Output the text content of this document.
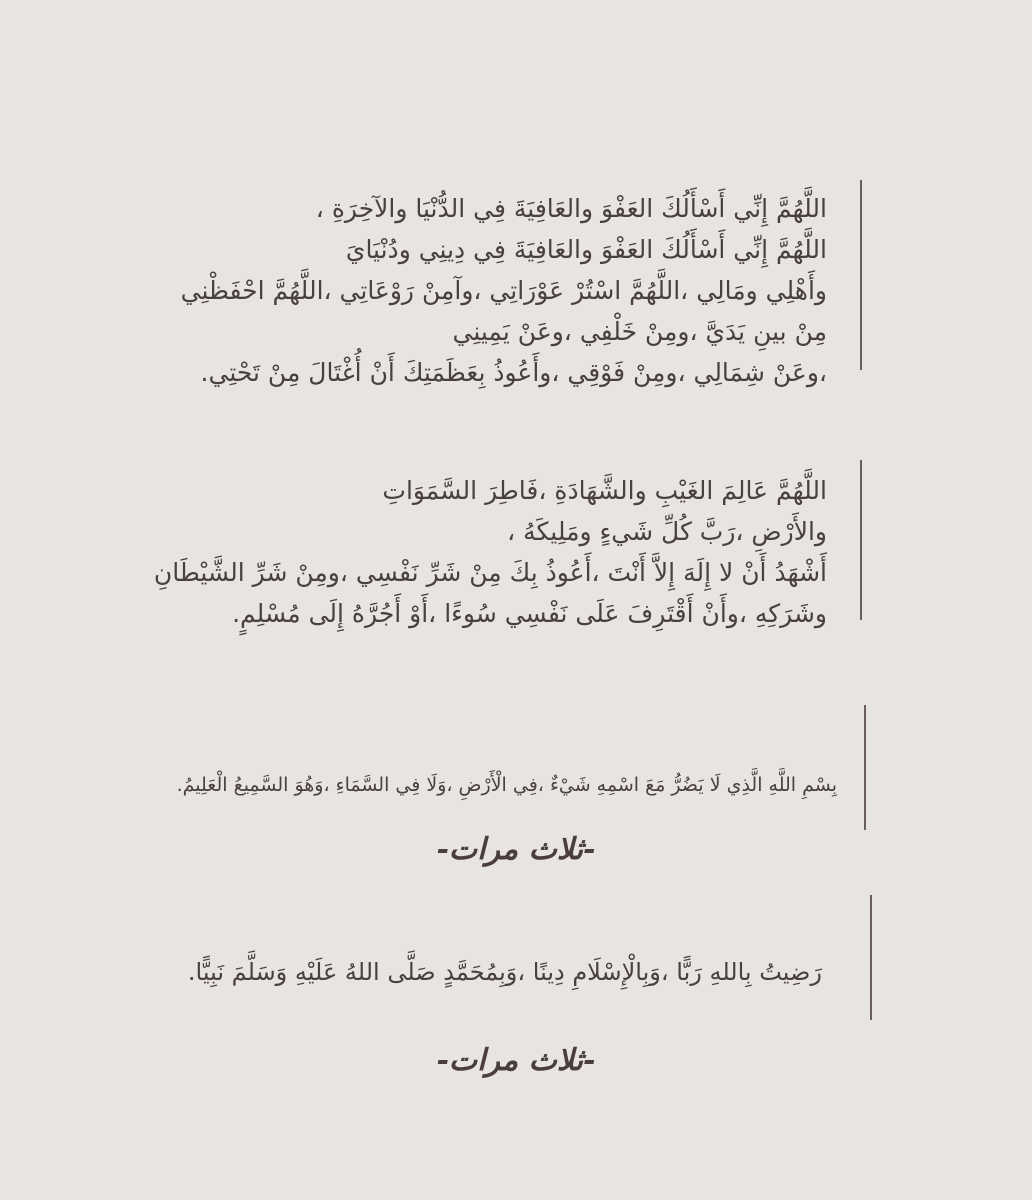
اللَّهُمَّ إِنِّي أَسْأَلُكَ العَفْوَ والعَافِيَةَ فِي الدُّنْيَا والآخِرَةِ ،
اللَّهُمَّ إِنِّي أَسْأَلُكَ العَفْوَ والعَافِيَةَ فِي دِينِي ودُنْيَايَ
وأَهْلِي ومَالِي ،اللَّهُمَّ اسْتُرْ عَوْرَاتِي ،وآمِنْ رَوْعَاتِي ،اللَّهُمَّ احْفَظْنِي
مِنْ بينِ يَدَيَّ ،ومِنْ خَلْفِي ،وعَنْ يَمِينِي
،وعَنْ شِمَالِي ،ومِنْ فَوْقِي ،وأَعُوذُ بِعَظَمَتِكَ أَنْ أُغْتَالَ مِنْ تَحْتِي.
اللَّهُمَّ عَالِمَ الغَيْبِ والشَّهَادَةِ ،فَاطِرَ السَّمَوَاتِ
والأَرْضِ ،رَبَّ كُلِّ شَيءٍ ومَلِيكَهُ ،
أَشْهَدُ أَنْ لا إِلَهَ إِلاَّ أَنْتَ ،أَعُوذُ بِكَ مِنْ شَرِّ نَفْسِي ،ومِنْ شَرِّ الشَّيْطَانِ
وشَرَكِهِ ،وأَنْ أَقْتَرِفَ عَلَى نَفْسِي سُوءًا ،أَوْ أَجُرَّهُ إِلَى مُسْلِمٍ.
بِسْمِ اللَّهِ الَّذِي لَا يَضُرُّ مَعَ اسْمِهِ شَيْءٌ ،فِي الْأَرْضِ ،وَلَا فِي السَّمَاءِ ،وَهُوَ السَّمِيعُ الْعَلِيمُ.
-ثلاث مرات-
رَضِيتُ بِاللهِ رَبًّا ،وَبِالْإِسْلَامِ دِينًا ،وَبِمُحَمَّدٍ صَلَّى اللهُ عَلَيْهِ وَسَلَّمَ نَبِيًّا.
-ثلاث مرات-
